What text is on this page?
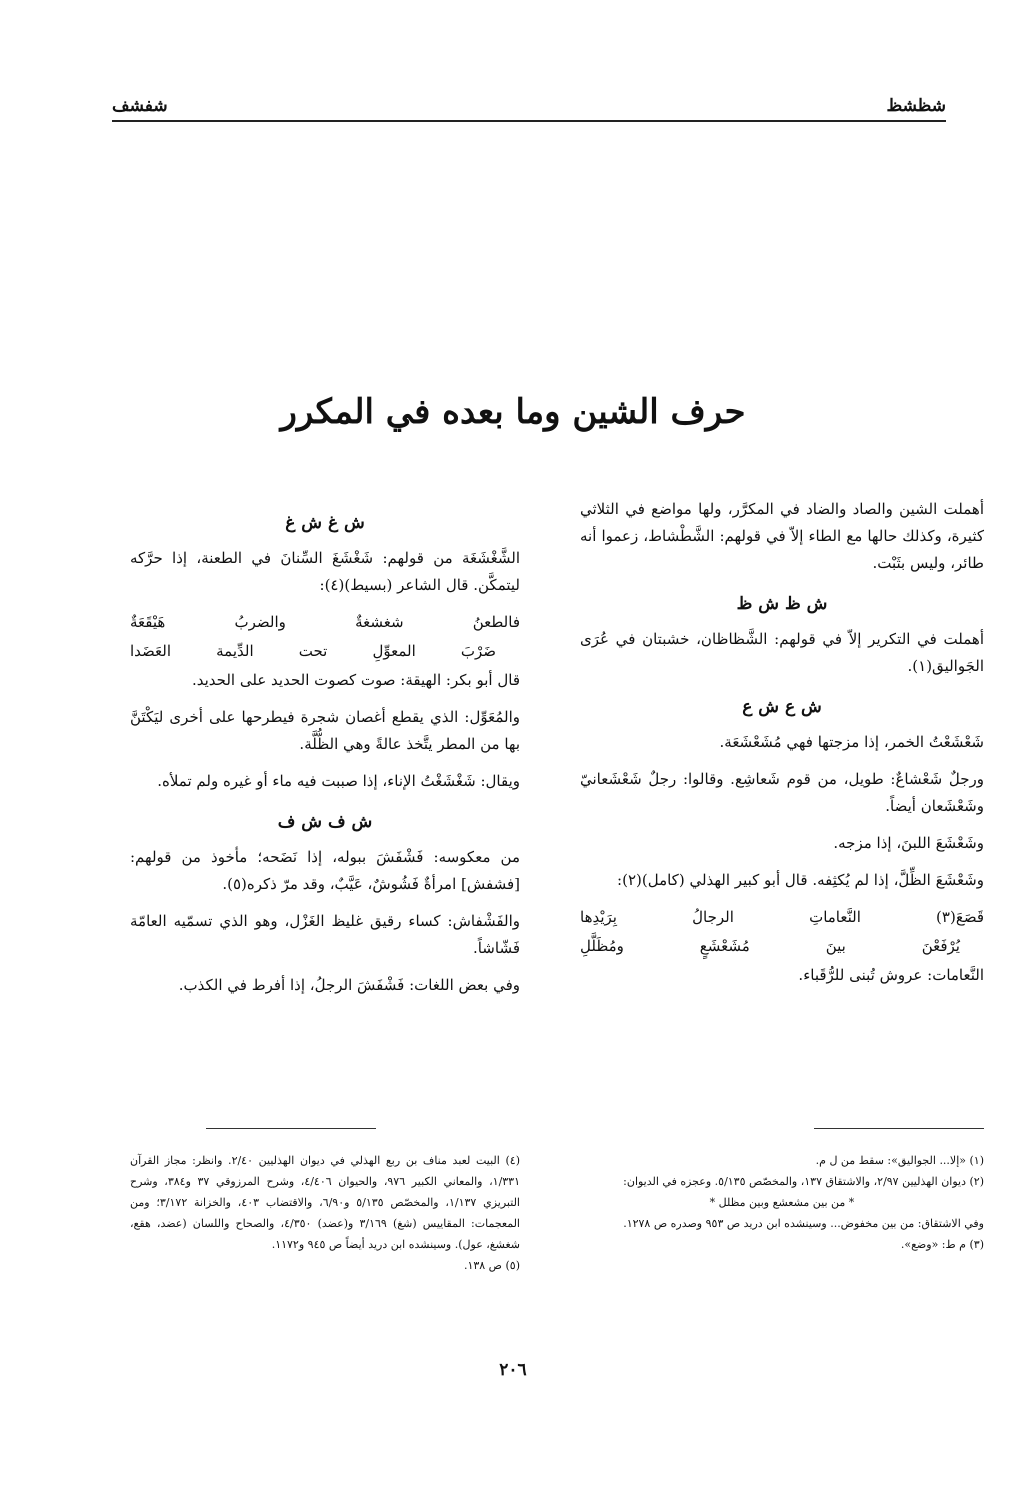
شظشظ
شفشف
حرف الشين وما بعده في المكرر

أهملت الشين والصاد والضاد في المكرَّر، ولها مواضع في الثلاثي كثيرة، وكذلك حالها مع الطاء إلاّ في قولهم: الشَّطْشاط، زعموا أنه طائر، وليس بثَبْت.

ش ظ ش ظ

أهملت في التكرير إلاّ في قولهم: الشَّظاظان، خشبتان في عُرَى الجَواليق(١).

ش ع ش ع

شَعْشَعْتُ الخمر، إذا مزجتها فهي مُشَعْشَعَة.

ورجلٌ شَعْشاعٌ: طويل، من قوم شَعاشِع. وقالوا: رجلٌ شَعْشَعانيّ وشَعْشَعان أيضاً.

وشَعْشَعَ اللبنَ، إذا مزجه.

وشَعْشَعَ الظِّلَّ، إذا لم يُكثِفه. قال أبو كبير الهذلي (كامل)(٢):

قَصَعَ(٣) النَّعاماتِ الرجالُ بِرَيْدِها
يُرْفَعْنَ بينَ مُشَعْشَعٍ ومُظَلَّلِ

النَّعامات: عروش تُبنى للرُّقَباء.

ش غ ش غ

الشَّغْشَغَة من قولهم: شَغْشَغَ السِّنانَ في الطعنة، إذا حرَّكه ليتمكَّن. قال الشاعر (بسيط)(٤):

فالطعنُ شغشغةٌ والضربُ هَيْقَعَةٌ
ضَرْبَ المعوِّلِ تحت الدِّيمة العَضَدا

قال أبو بكر: الهيقة: صوت كصوت الحديد على الحديد.

والمُعَوِّل: الذي يقطع أغصان شجرة فيطرحها على أخرى ليَكْتَنَّ بها من المطر يتَّخذ عالةً وهي الظُّلَّة.

ويقال: شَغْشَغْتُ الإناء، إذا صببت فيه ماء أو غيره ولم تملأه.

ش ف ش ف

من معكوسه: فَشْفَشَ ببوله، إذا نَضَحه؛ مأخوذ من قولهم: [فشفش] امرأةٌ فَشُوشٌ، عَيَّبٌ، وقد مرّ ذكره(٥).

والفَشْفاش: كساء رقيق غليظ الغَزْل، وهو الذي تسمّيه العامّة فَشّاشاً.

وفي بعض اللغات: فَشْفَشَ الرجلُ، إذا أفرط في الكذب.

(١) «إلا... الجواليق»: سقط من ل م.

(٢) ديوان الهذليين ٢/٩٧، والاشتقاق ١٣٧، والمخصّص ٥/١٣٥. وعجزه في الديوان:

* من بين مشعشع وبين مظلل *

وفي الاشتقاق: من بين مخفوض... وسينشده ابن دريد ص ٩٥٣ وصدره ص ١٢٧٨.

(٣) م ط: «وضع».

(٤) البيت لعبد مناف بن ربع الهذلي في ديوان الهذليين ٢/٤٠. وانظر: مجاز القرآن ١/٣٣١، والمعاني الكبير ٩٧٦، والحيوان ٤/٤٠٦، وشرح المرزوقي ٣٧ و٣٨٤، وشرح التبريزي ١/١٣٧، والمخصّص ٥/١٣٥ و٦/٩٠، والاقتضاب ٤٠٣، والخزانة ٣/١٧٢؛ ومن المعجمات: المقاييس (شغ) ٣/١٦٩ و(عضد) ٤/٣٥٠، والصحاح واللسان (عضد، هقع، شغشغ، عول). وسينشده ابن دريد أيضاً ص ٩٤٥ و١١٧٢.

(٥) ص ١٣٨.

٢٠٦
